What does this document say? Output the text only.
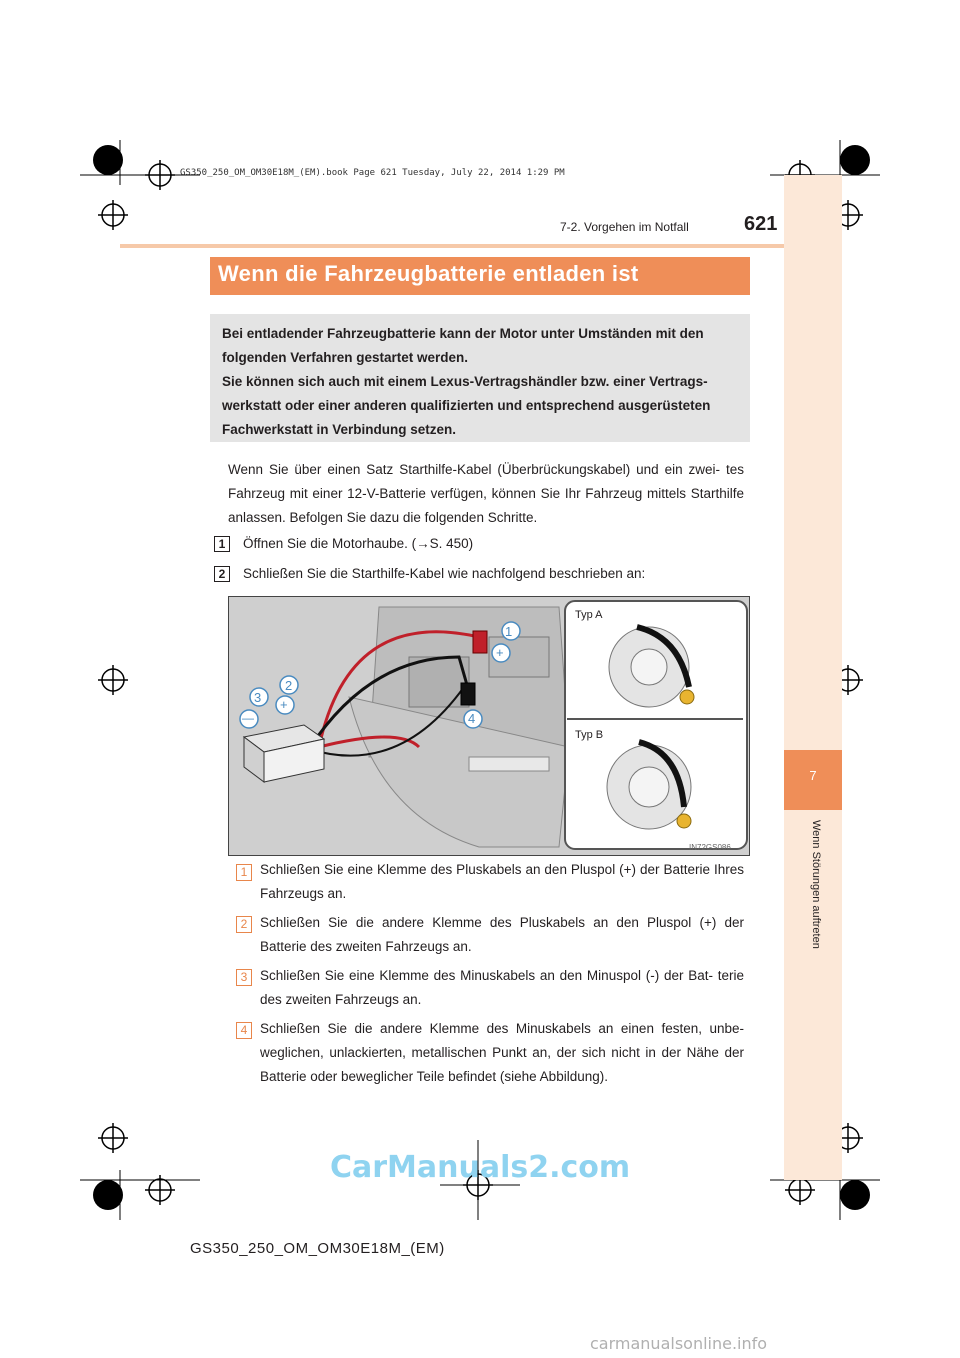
GS350_250_OM_OM30E18M_(EM).book Page 621 Tuesday, July 22, 2014 1:29 PM
7
Wenn Störungen auftreten
7-2. Vorgehen im Notfall	621
Wenn die Fahrzeugbatterie entladen ist
Bei entladender Fahrzeugbatterie kann der Motor unter Umständen mit den
folgenden Verfahren gestartet werden.
Sie können sich auch mit einem Lexus-Vertragshändler bzw. einer Vertrags-
werkstatt oder einer anderen qualifizierten und entsprechend ausgerüsteten
Fachwerkstatt in Verbindung setzen.
Wenn Sie über einen Satz Starthilfe-Kabel (Überbrückungskabel) und ein zwei- tes Fahrzeug mit einer 12-V-Batterie verfügen, können Sie Ihr Fahrzeug mittels Starthilfe anlassen. Befolgen Sie dazu die folgenden Schritte.
1	Öffnen Sie die Motorhaube. (→S. 450)
2	Schließen Sie die Starthilfe-Kabel wie nachfolgend beschrieben an:
1
+
2
3 +
—	4
Typ A
Typ B
IN72GS086
1 Schließen Sie eine Klemme des Pluskabels an den Pluspol (+) der Batterie Ihres Fahrzeugs an.
2 Schließen Sie die andere Klemme des Pluskabels an den Pluspol (+) der Batterie des zweiten Fahrzeugs an.
3 Schließen Sie eine Klemme des Minuskabels an den Minuspol (-) der Bat- terie des zweiten Fahrzeugs an.
4 Schließen Sie die andere Klemme des Minuskabels an einen festen, unbe- weglichen, unlackierten, metallischen Punkt an, der sich nicht in der Nähe der Batterie oder beweglicher Teile befindet (siehe Abbildung).
GS350_250_OM_OM30E18M_(EM)
CarManuals2.com
carmanualsonline.info
